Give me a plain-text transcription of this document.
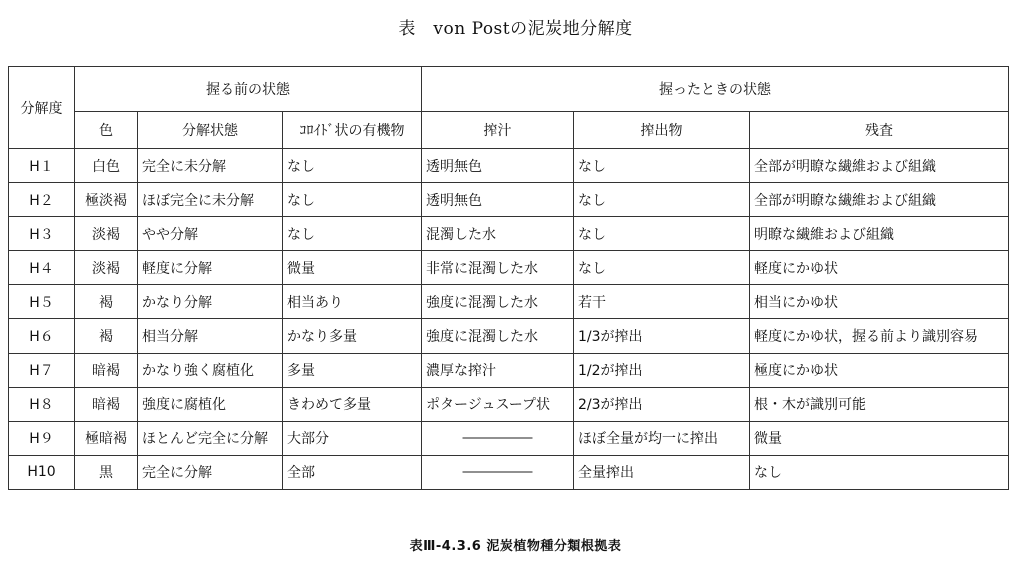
表　von Postの泥炭地分解度
分解度	握る前の状態			握ったときの状態		
	色	分解状態	ｺﾛｲﾄﾞ状の有機物	搾汁	搾出物	残査
H１	白色	完全に未分解	なし	透明無色	なし	全部が明瞭な繊維および組織
H２	極淡褐	ほぼ完全に未分解	なし	透明無色	なし	全部が明瞭な繊維および組織
H３	淡褐	やや分解	なし	混濁した水	なし	明瞭な繊維および組織
H４	淡褐	軽度に分解	微量	非常に混濁した水	なし	軽度にかゆ状
H５	褐	かなり分解	相当あり	強度に混濁した水	若干	相当にかゆ状
H６	褐	相当分解	かなり多量	強度に混濁した水	1/3が搾出	軽度にかゆ状，握る前より識別容易
H７	暗褐	かなり強く腐植化	多量	濃厚な搾汁	1/2が搾出	極度にかゆ状
H８	暗褐	強度に腐植化	きわめて多量	ポタージュスープ状	2/3が搾出	根・木が識別可能
H９	極暗褐	ほとんど完全に分解	大部分	―――――	ほぼ全量が均一に搾出	微量
H10	黒	完全に分解	全部	―――――	全量搾出	なし
表Ⅲ-4.3.6 泥炭植物種分類根拠表
